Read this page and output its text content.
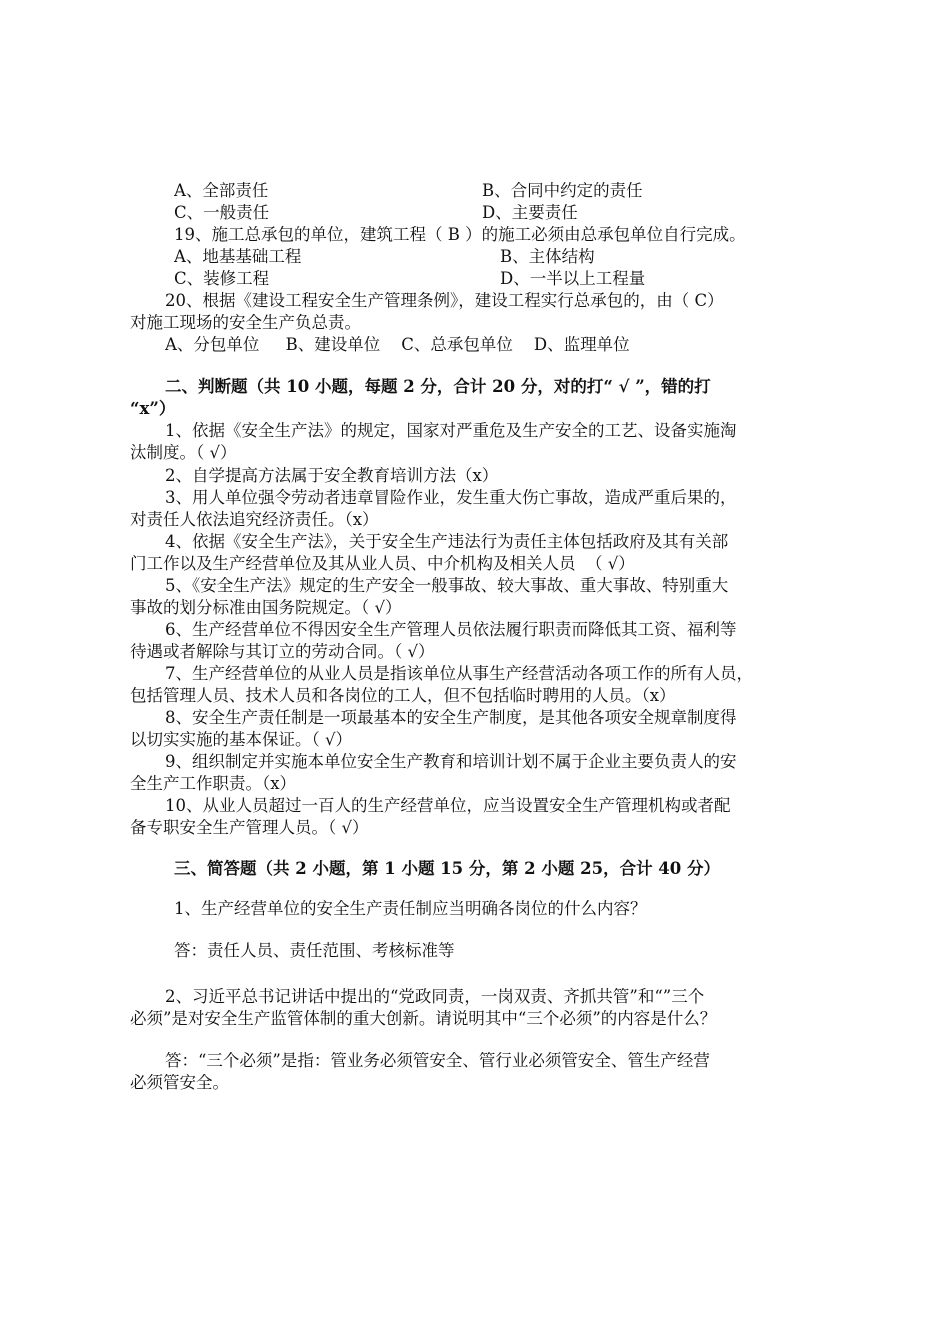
A、全部责任	B、合同中约定的责任
C、一般责任	D、主要责任
19、施工总承包的单位，建筑工程（ B ）的施工必须由总承包单位自行完成。
A、地基基础工程	B、主体结构
C、装修工程	D、一半以上工程量
20、根据《建设工程安全生产管理条例》，建设工程实行总承包的，由（ C）
对施工现场的安全生产负总责。
A、分包单位     B、建设单位    C、总承包单位    D、监理单位
二、判断题（共 10 小题，每题 2 分，合计 20 分，对的打“ √ ”，错的打
“x”）
1、依据《安全生产法》的规定，国家对严重危及生产安全的工艺、设备实施淘
汰制度。（ √）
2、自学提高方法属于安全教育培训方法（x）
3、用人单位强令劳动者违章冒险作业，发生重大伤亡事故，造成严重后果的，
对责任人依法追究经济责任。（x）
4、依据《安全生产法》，关于安全生产违法行为责任主体包括政府及其有关部
门工作以及生产经营单位及其从业人员、中介机构及相关人员  （ √）
5、《安全生产法》规定的生产安全一般事故、较大事故、重大事故、特别重大
事故的划分标准由国务院规定。（ √）
6、生产经营单位不得因安全生产管理人员依法履行职责而降低其工资、福利等
待遇或者解除与其订立的劳动合同。（ √）
7、生产经营单位的从业人员是指该单位从事生产经营活动各项工作的所有人员，
包括管理人员、技术人员和各岗位的工人，但不包括临时聘用的人员。（x）
8、安全生产责任制是一项最基本的安全生产制度，是其他各项安全规章制度得
以切实实施的基本保证。（ √）
9、组织制定并实施本单位安全生产教育和培训计划不属于企业主要负责人的安
全生产工作职责。（x）
10、从业人员超过一百人的生产经营单位，应当设置安全生产管理机构或者配
备专职安全生产管理人员。（ √）
三、简答题（共 2 小题，第 1 小题 15 分，第 2 小题 25，合计 40 分）
1、生产经营单位的安全生产责任制应当明确各岗位的什么内容？
答：责任人员、责任范围、考核标准等
2、习近平总书记讲话中提出的“党政同责，一岗双责、齐抓共管”和“”三个
必须”是对安全生产监管体制的重大创新。请说明其中“三个必须”的内容是什么？
答：“三个必须”是指：管业务必须管安全、管行业必须管安全、管生产经营
必须管安全。
